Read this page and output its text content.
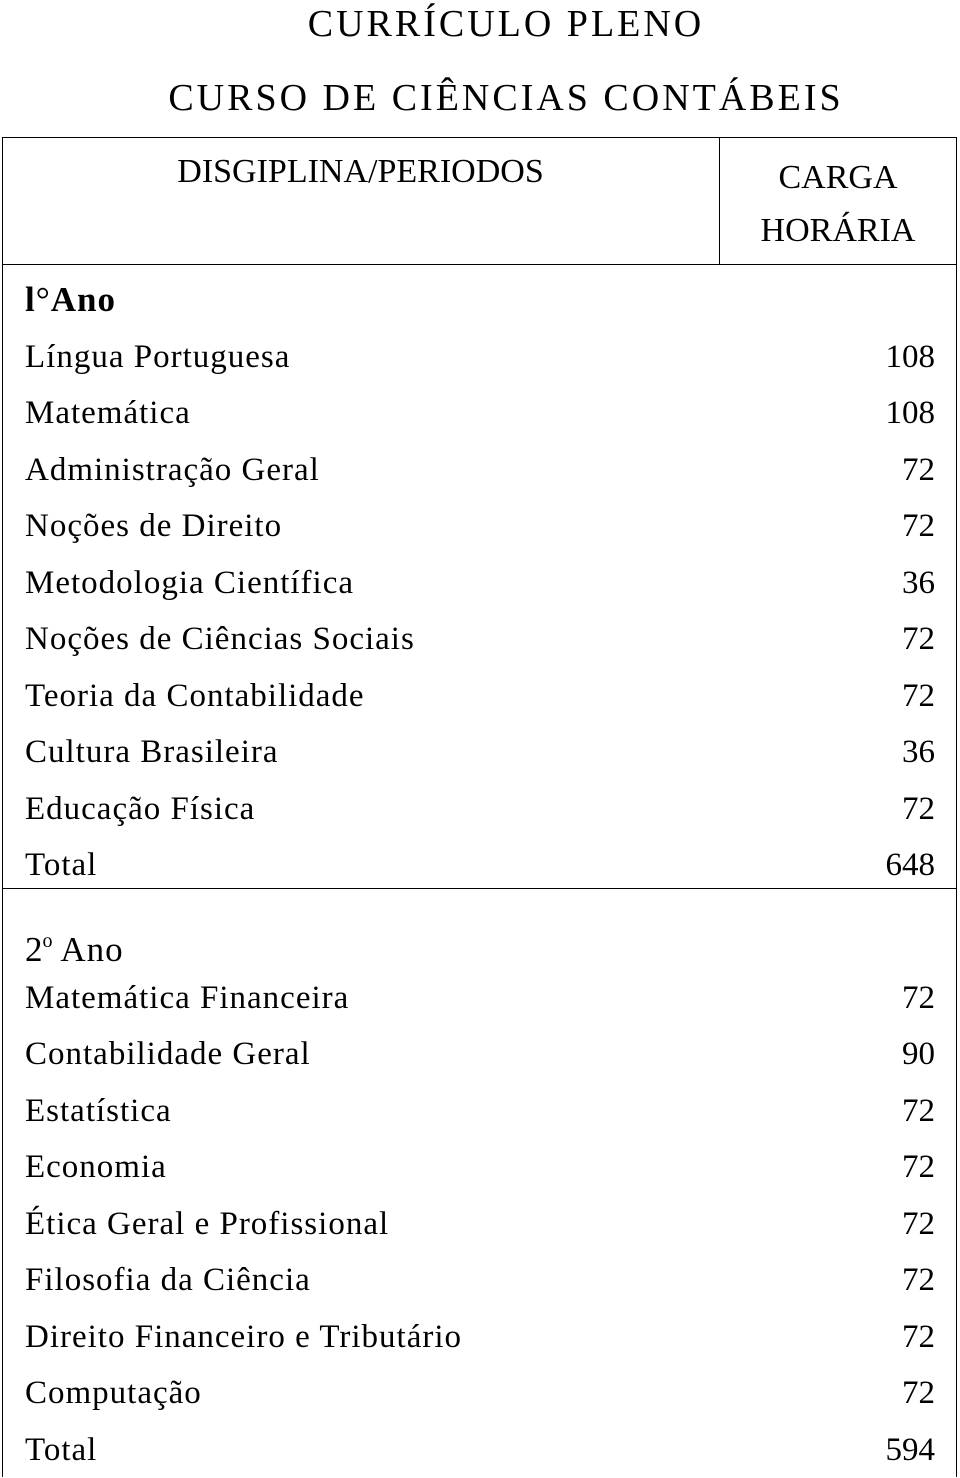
CURRÍCULO PLENO
CURSO DE CIÊNCIAS CONTÁBEIS
DISGIPLINA/PERIODOS	CARGA
HORÁRIA
l°Ano
Língua Portuguesa	108
Matemática	108
Administração Geral	72
Noções de Direito	72
Metodologia Científica	36
Noções de Ciências Sociais	72
Teoria da Contabilidade	72
Cultura Brasileira	36
Educação Física	72
Total	648
2$^o$ Ano
Matemática Financeira	72
Contabilidade Geral	90
Estatística	72
Economia	72
Ética Geral e Profissional	72
Filosofia da Ciência	72
Direito Financeiro e Tributário	72
Computação	72
Total	594
